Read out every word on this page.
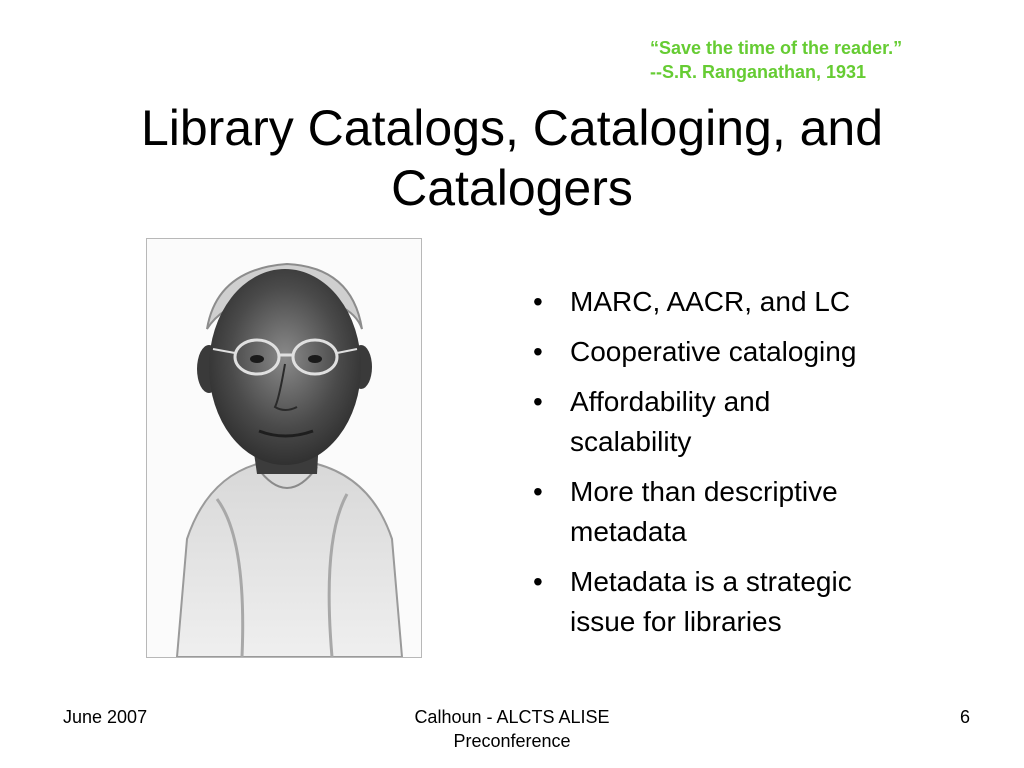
“Save the time of the reader.”
--S.R. Ranganathan, 1931
Library Catalogs, Cataloging, and
Catalogers
• MARC, AACR, and LC
• Cooperative cataloging
• Affordability and
scalability
• More than descriptive
metadata
• Metadata is a strategic
issue for libraries
June 2007	Calhoun - ALCTS ALISE
Preconference
6
